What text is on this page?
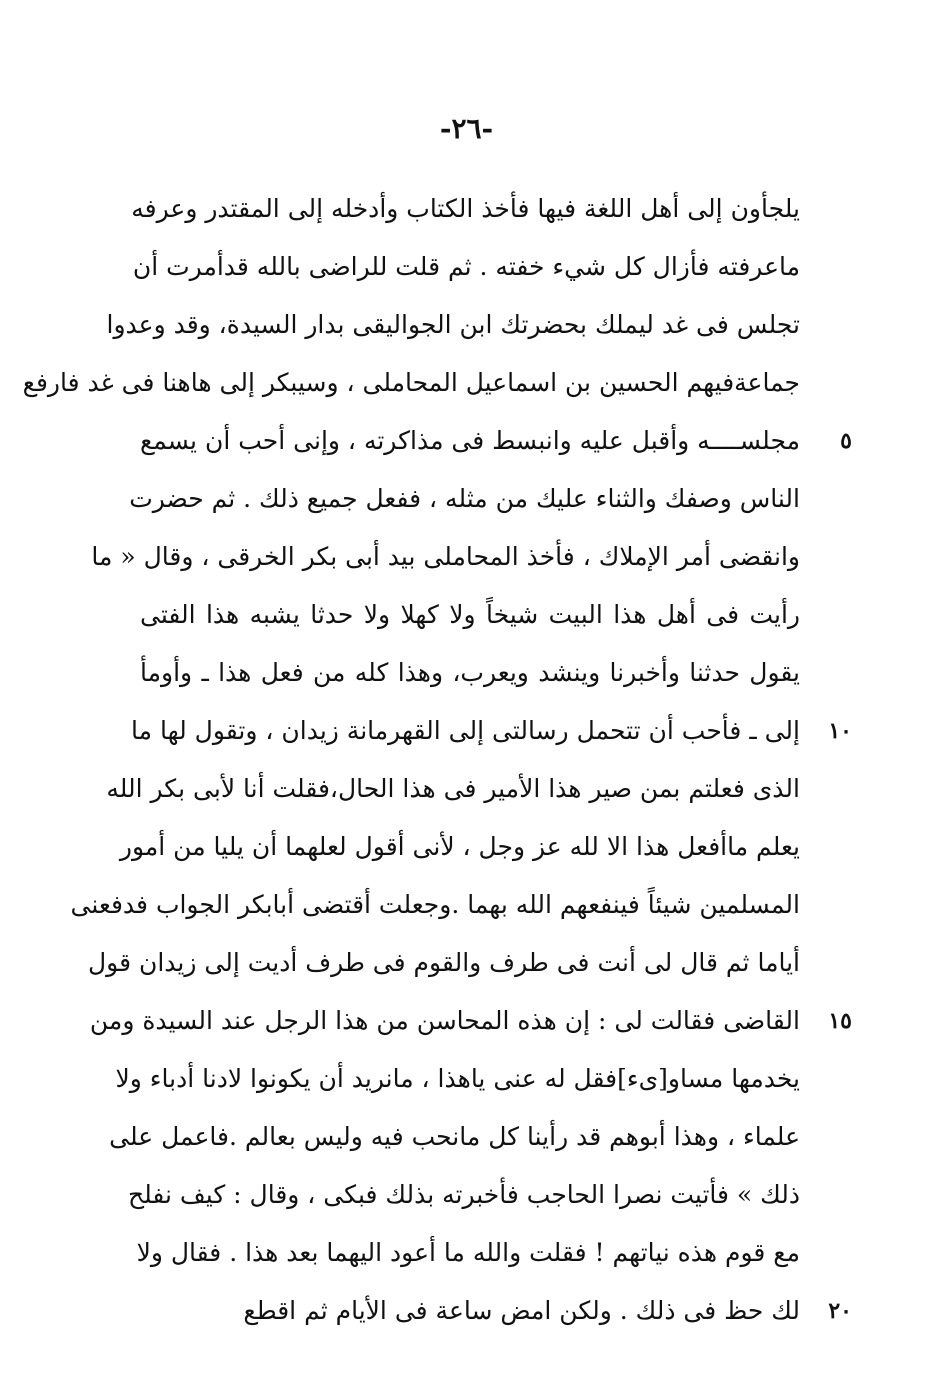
-٢٦-
يلجأون إلى أهل اللغة فيها فأخذ الكتاب وأدخله إلى المقتدر وعرفه
ماعرفته فأزال كل شيء خفته . ثم قلت للراضى بالله قدأمرت أن
تجلس فى غد ليملك بحضرتك ابن الجواليقى بدار السيدة، وقد وعدوا
جماعةفيهم الحسين بن اسماعيل المحاملى ، وسيبكر إلى هاهنا فى غد فارفع
مجلســــه وأقبل عليه وانبسط فى مذاكرته ، وإنى أحب أن يسمع	٥
الناس وصفك والثناء عليك من مثله ، ففعل جميع ذلك . ثم حضرت
وانقضى أمر الإملاك ، فأخذ المحاملى بيد أبى بكر الخرقى ، وقال « ما
رأيت فى أهل هذا البيت شيخاً ولا كهلا ولا حدثا يشبه هذا الفتى
يقول حدثنا وأخبرنا وينشد ويعرب، وهذا كله من فعل هذا ـ وأومأ
إلى ـ فأحب أن تتحمل رسالتى إلى القهرمانة زيدان ، وتقول لها ما	١٠
الذى فعلتم بمن صير هذا الأمير فى هذا الحال،فقلت أنا لأبى بكر الله
يعلم ماأفعل هذا الا لله عز وجل ، لأنى أقول لعلهما أن يليا من أمور
المسلمين شيئاً فينفعهم الله بهما .وجعلت أقتضى أبابكر الجواب فدفعنى
أياما ثم قال لى أنت فى طرف والقوم فى طرف أديت إلى زيدان قول
القاضى فقالت لى : إن هذه المحاسن من هذا الرجل عند السيدة ومن	١٥
يخدمها مساو[ىء]فقل له عنى ياهذا ، مانريد أن يكونوا لادنا أدباء ولا
علماء ، وهذا أبوهم قد رأينا كل مانحب فيه وليس بعالم .فاعمل على
ذلك » فأتيت نصرا الحاجب فأخبرته بذلك فبكى ، وقال : كيف نفلح
مع قوم هذه نياتهم ! فقلت والله ما أعود اليهما بعد هذا . فقال ولا
لك حظ فى ذلك . ولكن امض ساعة فى الأيام ثم اقطع	٢٠
